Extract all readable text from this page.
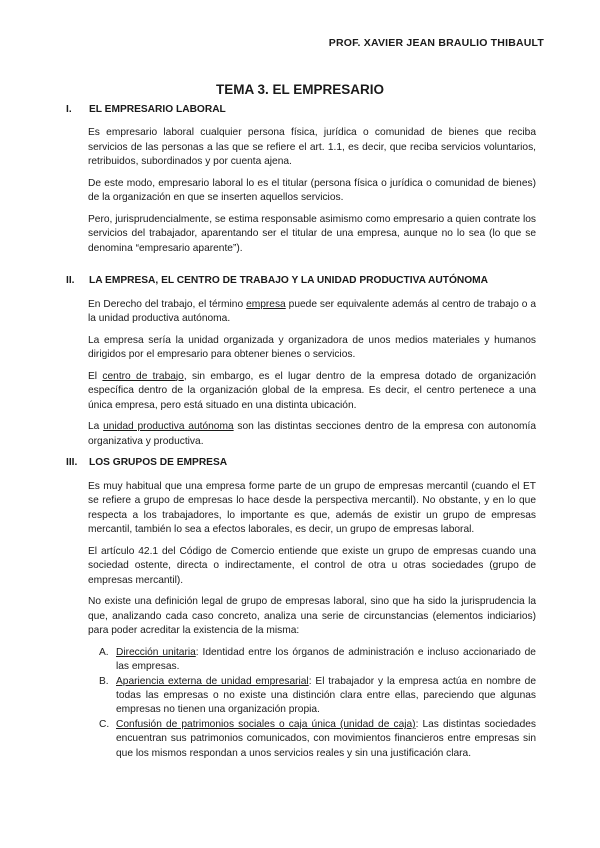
PROF. XAVIER JEAN BRAULIO THIBAULT

TEMA 3. EL EMPRESARIO
I.	EL EMPRESARIO LABORAL

Es empresario laboral cualquier persona física, jurídica o comunidad de bienes que reciba servicios de las personas a las que se refiere el art. 1.1, es decir, que reciba servicios voluntarios, retribuidos, subordinados y por cuenta ajena.

De este modo, empresario laboral lo es el titular (persona física o jurídica o comunidad de bienes) de la organización en que se inserten aquellos servicios.

Pero, jurisprudencialmente, se estima responsable asimismo como empresario a quien contrate los servicios del trabajador, aparentando ser el titular de una empresa, aunque no lo sea (lo que se denomina “empresario aparente”).

II.	LA EMPRESA, EL CENTRO DE TRABAJO Y LA UNIDAD PRODUCTIVA AUTÓNOMA

En Derecho del trabajo, el término empresa puede ser equivalente además al centro de trabajo o a la unidad productiva autónoma.

La empresa sería la unidad organizada y organizadora de unos medios materiales y humanos dirigidos por el empresario para obtener bienes o servicios.

El centro de trabajo, sin embargo, es el lugar dentro de la empresa dotado de organización específica dentro de la organización global de la empresa. Es decir, el centro pertenece a una única empresa, pero está situado en una distinta ubicación.

La unidad productiva autónoma son las distintas secciones dentro de la empresa con autonomía organizativa y productiva.

III.	LOS GRUPOS DE EMPRESA

Es muy habitual que una empresa forme parte de un grupo de empresas mercantil (cuando el ET se refiere a grupo de empresas lo hace desde la perspectiva mercantil). No obstante, y en lo que respecta a los trabajadores, lo importante es que, además de existir un grupo de empresas mercantil, también lo sea a efectos laborales, es decir, un grupo de empresas laboral.

El artículo 42.1 del Código de Comercio entiende que existe un grupo de empresas cuando una sociedad ostente, directa o indirectamente, el control de otra u otras sociedades (grupo de empresas mercantil).

No existe una definición legal de grupo de empresas laboral, sino que ha sido la jurisprudencia la que, analizando cada caso concreto, analiza una serie de circunstancias (elementos indiciarios) para poder acreditar la existencia de la misma:

A. Dirección unitaria: Identidad entre los órganos de administración e incluso accionariado de las empresas.
B. Apariencia externa de unidad empresarial: El trabajador y la empresa actúa en nombre de todas las empresas o no existe una distinción clara entre ellas, pareciendo que algunas empresas no tienen una organización propia.
C. Confusión de patrimonios sociales o caja única (unidad de caja): Las distintas sociedades encuentran sus patrimonios comunicados, con movimientos financieros entre empresas sin que los mismos respondan a unos servicios reales y sin una justificación clara.
